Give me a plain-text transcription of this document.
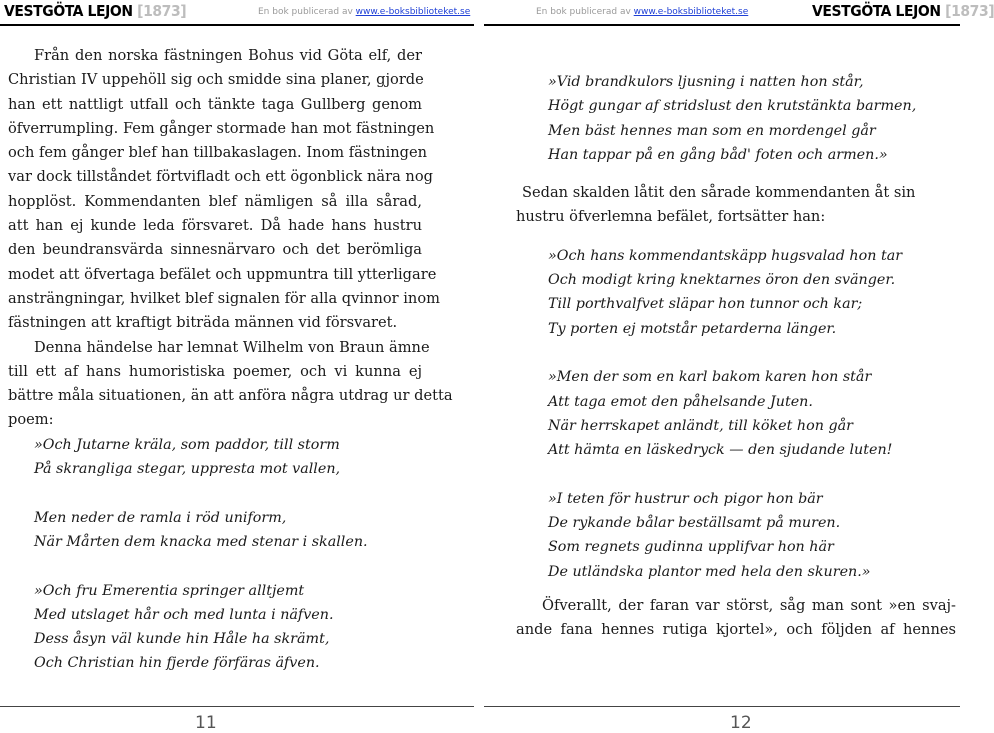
VESTGÖTA LEJON [1873]	En bok publicerad av www.e-boksbiblioteket.se
Från den norska fästningen Bohus vid Göta elf, der
Christian IV uppehöll sig och smidde sina planer, gjorde
han ett nattligt utfall och tänkte taga Gullberg genom
öfverrumpling. Fem gånger stormade han mot fästningen
och fem gånger blef han tillbakaslagen. Inom fästningen
var dock tillståndet förtvifladt och ett ögonblick nära nog
hopplöst. Kommendanten blef nämligen så illa sårad,
att han ej kunde leda försvaret. Då hade hans hustru
den beundransvärda sinnesnärvaro och det berömliga
modet att öfvertaga befälet och uppmuntra till ytterligare
ansträngningar, hvilket blef signalen för alla qvinnor inom
fästningen att kraftigt biträda männen vid försvaret.
Denna händelse har lemnat Wilhelm von Braun ämne
till ett af hans humoristiska poemer, och vi kunna ej
bättre måla situationen, än att anföra några utdrag ur detta
poem:
»Och Jutarne kräla, som paddor, till storm
På skrangliga stegar, uppresta mot vallen,
Men neder de ramla i röd uniform,
När Mårten dem knacka med stenar i skallen.
»Och fru Emerentia springer alltjemt
Med utslaget hår och med lunta i näfven.
Dess åsyn väl kunde hin Håle ha skrämt,
Och Christian hin fjerde förfäras äfven.
11
En bok publicerad av www.e-boksbiblioteket.se	VESTGÖTA LEJON [1873]
»Vid brandkulors ljusning i natten hon står,
Högt gungar af stridslust den krutstänkta barmen,
Men bäst hennes man som en mordengel går
Han tappar på en gång båd' foten och armen.»
Sedan skalden låtit den sårade kommendanten åt sin
hustru öfverlemna befälet, fortsätter han:
»Och hans kommendantskäpp hugsvalad hon tar
Och modigt kring knektarnes öron den svänger.
Till porthvalfvet släpar hon tunnor och kar;
Ty porten ej motstår petarderna länger.
»Men der som en karl bakom karen hon står
Att taga emot den påhelsande Juten.
När herrskapet anländt, till köket hon går
Att hämta en läskedryck — den sjudande luten!
»I teten för hustrur och pigor hon bär
De rykande bålar beställsamt på muren.
Som regnets gudinna upplifvar hon här
De utländska plantor med hela den skuren.»
Öfverallt, der faran var störst, såg man sont »en svaj-
ande fana hennes rutiga kjortel», och följden af hennes
12
